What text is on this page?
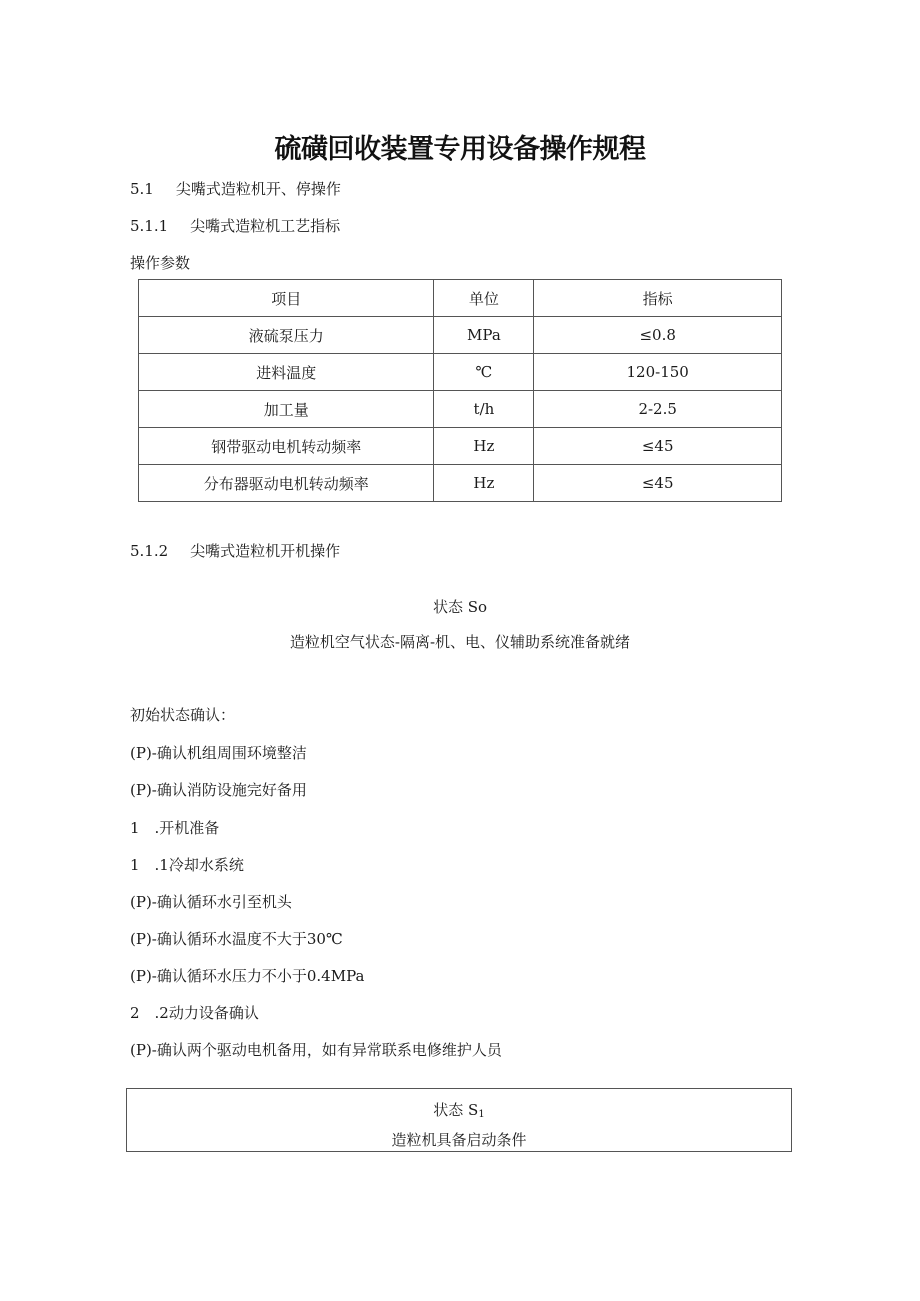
硫磺回收装置专用设备操作规程
5.1 尖嘴式造粒机开、停操作
5.1.1 尖嘴式造粒机工艺指标
操作参数
项目	单位	指标
液硫泵压力	MPa	≤0.8
进料温度	℃	120-150
加工量	t/h	2-2.5
钢带驱动电机转动频率	Hz	≤45
分布器驱动电机转动频率	Hz	≤45
5.1.2 尖嘴式造粒机开机操作
状态 So
造粒机空气状态-隔离-机、电、仪辅助系统准备就绪
初始状态确认：
(P)-确认机组周围环境整洁
(P)-确认消防设施完好备用
1　.开机准备
1　.1冷却水系统
(P)-确认循环水引至机头
(P)-确认循环水温度不大于30℃
(P)-确认循环水压力不小于0.4MPa
2　.2动力设备确认
(P)-确认两个驱动电机备用，如有异常联系电修维护人员
状态 $S_1$
造粒机具备启动条件
